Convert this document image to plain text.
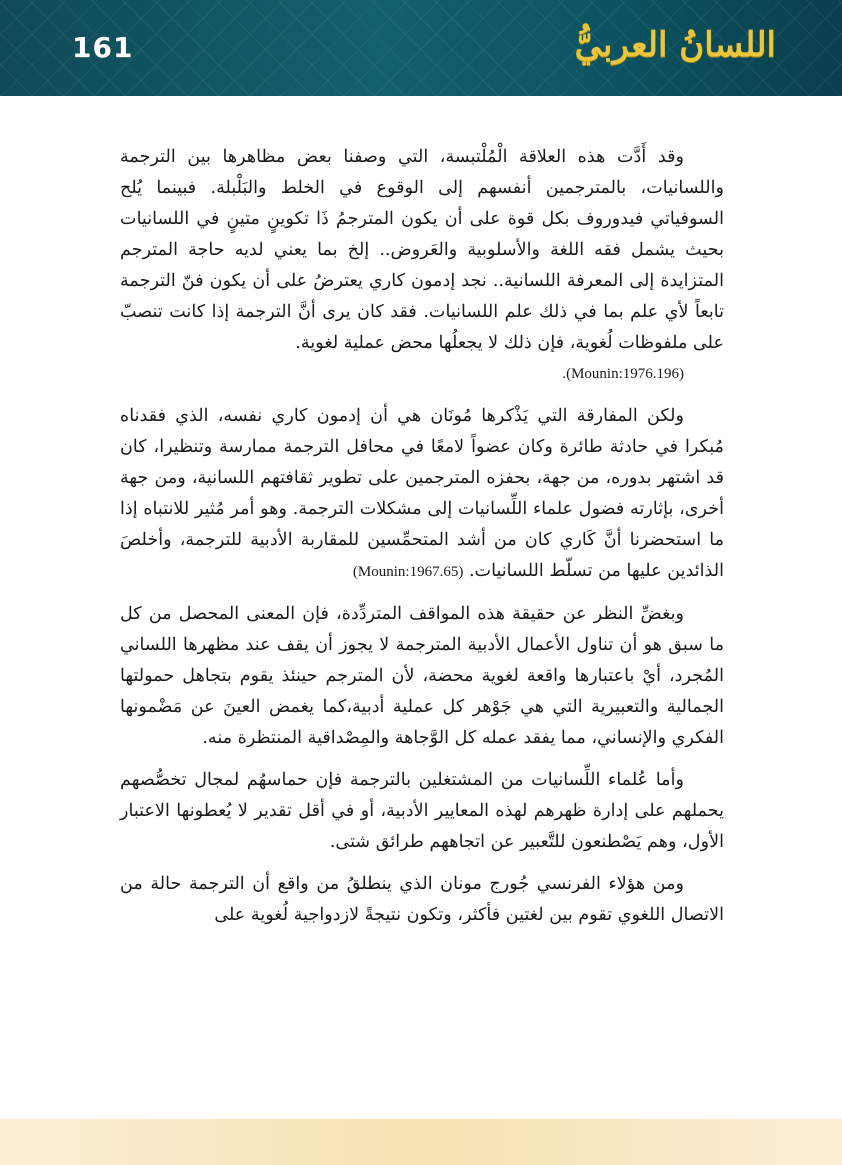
161	اللسانُ العربيُّ

وقد أَدَّت هذه العلاقة الْمُلْتبسة، التي وصفنا بعض مظاهرها بين الترجمة واللسانيات، بالمترجمين أنفسهم إلى الوقوع في الخلط والبَلْبلة. فبينما يُلح السوفياتي فيدوروف بكل قوة على أن يكون المترجمُ ذَا تكوينٍ متينٍ في اللسانيات بحيث يشمل فقه اللغة والأسلوبية والعَروض.. إلخ بما يعني لديه حاجة المترجم المتزايدة إلى المعرفة اللسانية.. نجد إدمون كاري يعترضُ على أن يكون فنّ الترجمة تابعاً لأي علم بما في ذلك علم اللسانيات. فقد كان يرى أنَّ الترجمة إذا كانت تنصبّ على ملفوظات لُغوية، فإن ذلك لا يجعلُها محض عملية لغوية.
(Mounin:1976.196).

ولكن المفارقة التي يَذْكرها مُونَان هي أن إدمون كاري نفسه، الذي فقدناه مُبكرا في حادثة طائرة وكان عضواً لامعًا في محافل الترجمة ممارسة وتنظيرا، كان قد اشتهر بدوره، من جهة، بحفزه المترجمين على تطوير ثقافتهم اللسانية، ومن جهة أخرى، بإثارته فضول علماء اللِّسانيات إلى مشكلات الترجمة. وهو أمر مُثير للانتباه إذا ما استحضرنا أنَّ كَاري كان من أشد المتحمِّسين للمقاربة الأدبية للترجمة، وأخلصَ الذائدين عليها من تسلّط اللسانيات. (Mounin:1967.65)

وبغضِّ النظر عن حقيقة هذه المواقف المتردِّدة، فإن المعنى المحصل من كل ما سبق هو أن تناول الأعمال الأدبية المترجمة لا يجوز أن يقف عند مظهرها اللساني المُجرد، أيْ باعتبارها واقعة لغوية محضة، لأن المترجم حينئذ يقوم بتجاهل حمولتها الجمالية والتعبيرية التي هي جَوْهر كل عملية أدبية،كما يغمض العينَ عن مَضْمونها الفكري والإنساني، مما يفقد عمله كل الوَّجاهة والمِصْداقية المنتظرة منه.

وأما عُلماء اللِّسانيات من المشتغلين بالترجمة فإن حماسهُم لمجال تخصُّصهم يحملهم على إدارة ظهرهم لهذه المعايير الأدبية، أو في أقل تقدير لا يُعطونها الاعتبار الأول، وهم يَصْطنعون للتَّعبير عن اتجاههم طرائق شتى.

ومن هؤلاء الفرنسي جُورج مونان الذي ينطلقُ من واقع أن الترجمة حالة من الاتصال اللغوي تقوم بين لغتين فأكثر، وتكون نتيجةً لازدواجية لُغوية على
